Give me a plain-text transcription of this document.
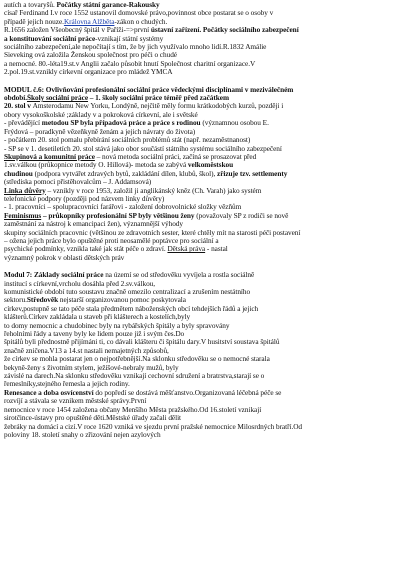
autích a tovaryšů. Počátky státní garance-Rakousky
císař Ferdinand I.v roce 1552 ustanovil domovské právo,povinnost obce postarat se o osoby v
případě jejich nouze.Královna Alžběta-zákon o chudých.
R.1656 založen Všeobecný špitál v Paříži-=>první ústavní zařízení. Počátky sociálního zabezpečení
a konstituování sociální práce-vznikají státní systémy
sociálního zabezpečení,ale nepočítají s tím, že by jich využívalo mnoho lidí.R.1832 Amálie
Sieveking ová založila Ženskou společnost pro péči o chudé
a nemocné. 80.-léta19.st.v Anglii začalo působit hnutí Společnost charitní organizace.V
2.pol.19.st.vznikly církevní organizace pro mládež YMCA
MODUL č.6: Ovlivňování profesionální sociální práce vědeckými disciplínami v meziválečném
období.Školy sociální práce – 1. školy sociální práce téměř před začátkem
20. stol v Amsterodamu New Yorku, Londýně, nejčitě měly formu krátkodobých kurzů, později i
obory vysokoškolské ;základy v a pokroková církevní, ale i světské
- převádějící metodou SP byla případová práce a práce s rodinou (významnou osobou E.
Frýdová – poradkyně vězeňkyně ženám a jejich návraty do života)
- počátkem 20. stol pomalu přebírání sociálních problémů stát (např. nezaměstnanost)
- SP se v 1. desetiletích 20. stol stává jako obor součástí státního systému sociálního zabezpečení
Skupinová a komunitní práce – nová metoda sociální práci, začíná se prosazovat před
1.sv.válkou (průkopnice metody O. Hillová)- metoda se zabývá velkoměstskou
chudinou (podpora vytvářet zdravých bytů, zakládání dílen, klubů, škol), zřizuje tzv. settlementy
(střediska pomoci přistěhovalcům – J. Addamsová)
Linka důvěry – vznikly v roce 1953, založil ji anglikánský kněz (Ch. Varah) jako systém
telefonické podpory (později pod názvem linky důvěry)
- 1. pracovníci – spolupracovníci farářovi - založení dobrovolnické složky vězňům
Feminismus – průkopníky profesionální SP byly většinou ženy (považovaly SP z rodiči se nově
zaměstnání za nástroj k emancipaci žen), významnější výhody
skupiny sociálních pracovnic (většinou ze zdravotních sester, které chtěly mít na starosti péči postavení
– ožena jejich práce bylo opuštěné proti neosamělé poptávce pro sociální a
psychické podmínky, vznikla také jak stát péče o zdraví. Dětská práva - nastal
významný pokrok v oblasti dětských práv
Modul 7: Základy sociální práce na území se od středověku vyvíjela a rostla sociálně
institucí s církevní,vrcholu dosáhla před 2.sv.válkou,
komunistické období tuto soustavu značně omezilo centralizací a zrušením nestátního
sektoru.Středověk nejstarší organizovanou pomoc poskytovala
církev,postupně se tato péče stala předmětem náboženských obcí tehdejších řádů a jejich
klášterů.Církev zakládala u staveb při klášterech a kostelích,byly
to domy nemocnic a chudobinec byly na rybářských špitály a byly spravovány
řeholními řády a taveny byly ke lidem pouze již i svým čes.Do
špitálů byli přednostně přijímáni ti, co dávali klášteru či špitálu dary.V husitství soustava špitálů
značně zničena.V13 a 14.st nastali nemajetných způsobů,
že církev se mohla postarat jen o nejpotřebnější.Na sklonku středověku se o nemocné starala
bekyně-ženy s životním stylem, ježíšové-nebraly mužů, byly
závislé na darech.Na sklonku středověku vznikají cechovní sdružení a bratrstva,starají se o
řemeslníky,stejného řemesla a jejich rodiny.
Renesance a doba osvícenství do popředí se dostává měšťanstvo.Organizovaná léčebná péče se
rozvíjí a stávala se vznikem městské správy.První
nemocnice v roce 1454 založena občany Menšího Města pražského.Od 16.století vznikají
sirotčince-ústavy pro opuštěné děti.Městské úřady začali dělit
žebráky na domácí a cizí.V roce 1620 vzniká ve sjezdu první pražské nemocnice Milosrdných bratří.Od
poloviny 18. století snahy o zřizování nejen azylových
